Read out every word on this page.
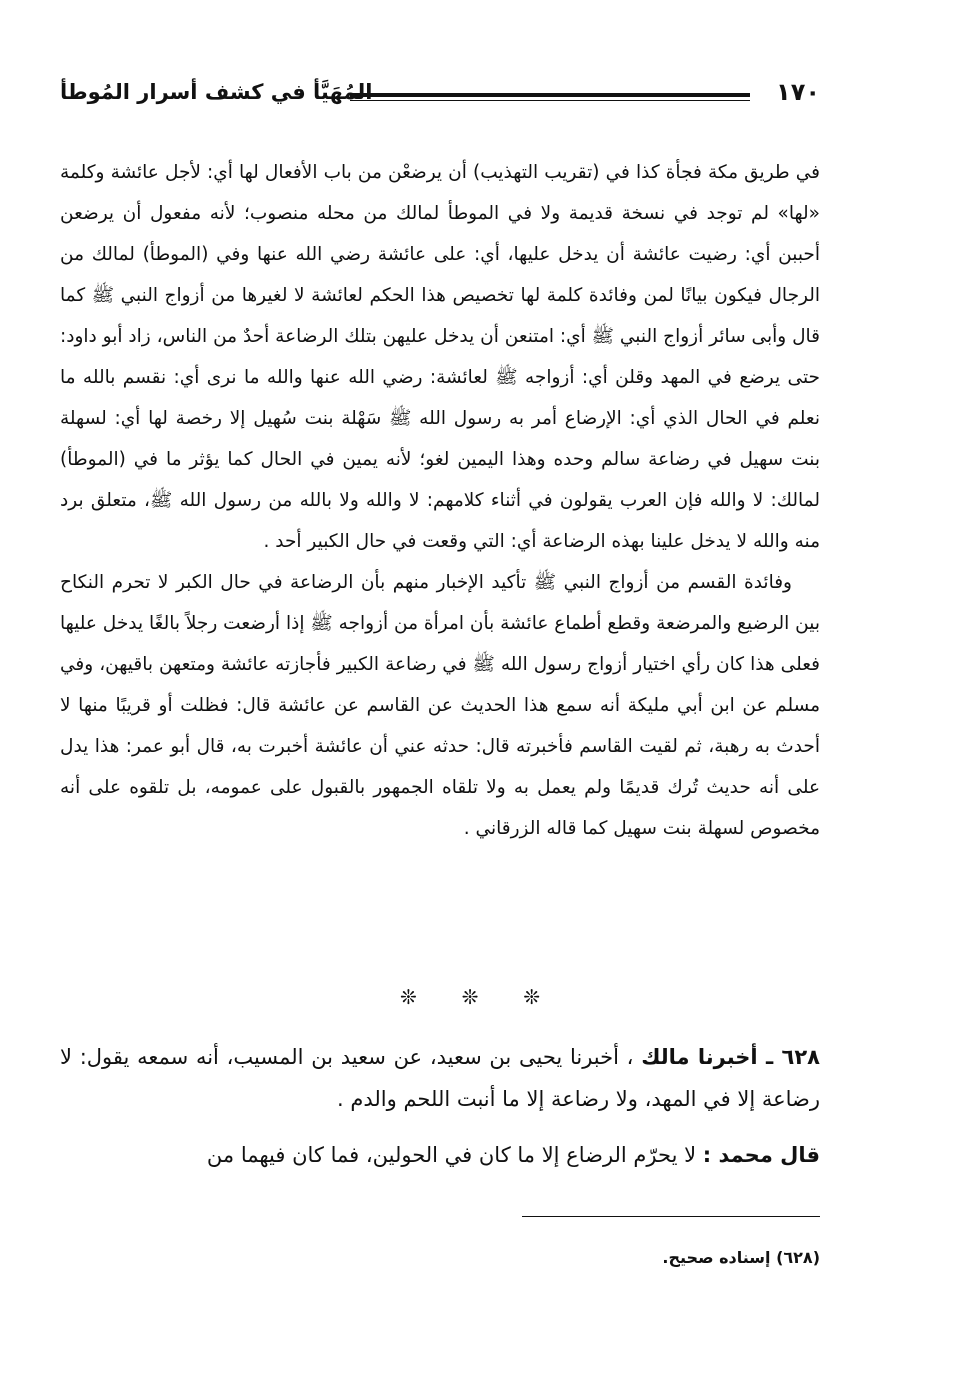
المُهَيَّأ في كشف أسرار المُوطأ	١٧٠

في طريق مكة فجأة كذا في (تقريب التهذيب) أن يرضعْن من باب الأفعال لها أي: لأجل عائشة وكلمة «لها» لم توجد في نسخة قديمة ولا في الموطأ لمالك من محله منصوب؛ لأنه مفعول أن يرضعن أحببن أي: رضيت عائشة أن يدخل عليها، أي: على عائشة رضي الله عنها وفي (الموطأ) لمالك من الرجال فيكون بيانًا لمن وفائدة كلمة لها تخصيص هذا الحكم لعائشة لا لغيرها من أزواج النبي ﷺ كما قال وأبى سائر أزواج النبي ﷺ أي: امتنعن أن يدخل عليهن بتلك الرضاعة أحدٌ من الناس، زاد أبو داود: حتى يرضع في المهد وقلن أي: أزواجه ﷺ لعائشة: رضي الله عنها والله ما نرى أي: نقسم بالله ما نعلم في الحال الذي أي: الإرضاع أمر به رسول الله ﷺ سَهْلة بنت سُهيل إلا رخصة لها أي: لسهلة بنت سهيل في رضاعة سالم وحده وهذا اليمين لغو؛ لأنه يمين في الحال كما يؤثر ما في (الموطأ) لمالك: لا والله فإن العرب يقولون في أثناء كلامهم: لا والله ولا بالله من رسول الله ﷺ، متعلق برد منه والله لا يدخل علينا بهذه الرضاعة أي: التي وقعت في حال الكبير أحد .

وفائدة القسم من أزواج النبي ﷺ تأكيد الإخبار منهم بأن الرضاعة في حال الكبر لا تحرم النكاح بين الرضيع والمرضعة وقطع أطماع عائشة بأن امرأة من أزواجه ﷺ إذا أرضعت رجلاً بالغًا يدخل عليها فعلى هذا كان رأي اختيار أزواج رسول الله ﷺ في رضاعة الكبير فأجازته عائشة ومتعهن باقيهن، وفي مسلم عن ابن أبي مليكة أنه سمع هذا الحديث عن القاسم عن عائشة قال: فظلت أو قريبًا منها لا أحدث به رهبة، ثم لقيت القاسم فأخبرته قال: حدثه عني أن عائشة أخبرت به، قال أبو عمر: هذا يدل على أنه حديث تُرك قديمًا ولم يعمل به ولا تلقاه الجمهور بالقبول على عمومه، بل تلقوه على أنه مخصوص لسهلة بنت سهيل كما قاله الزرقاني .

❊ ❊ ❊

٦٢٨ ـ أخبرنا مالك ، أخبرنا يحيى بن سعيد، عن سعيد بن المسيب، أنه سمعه يقول: لا رضاعة إلا في المهد، ولا رضاعة إلا ما أنبت اللحم والدم .

قال محمد : لا يحرّم الرضاع إلا ما كان في الحولين، فما كان فيهما من

(٦٢٨) إسناده صحيح.
